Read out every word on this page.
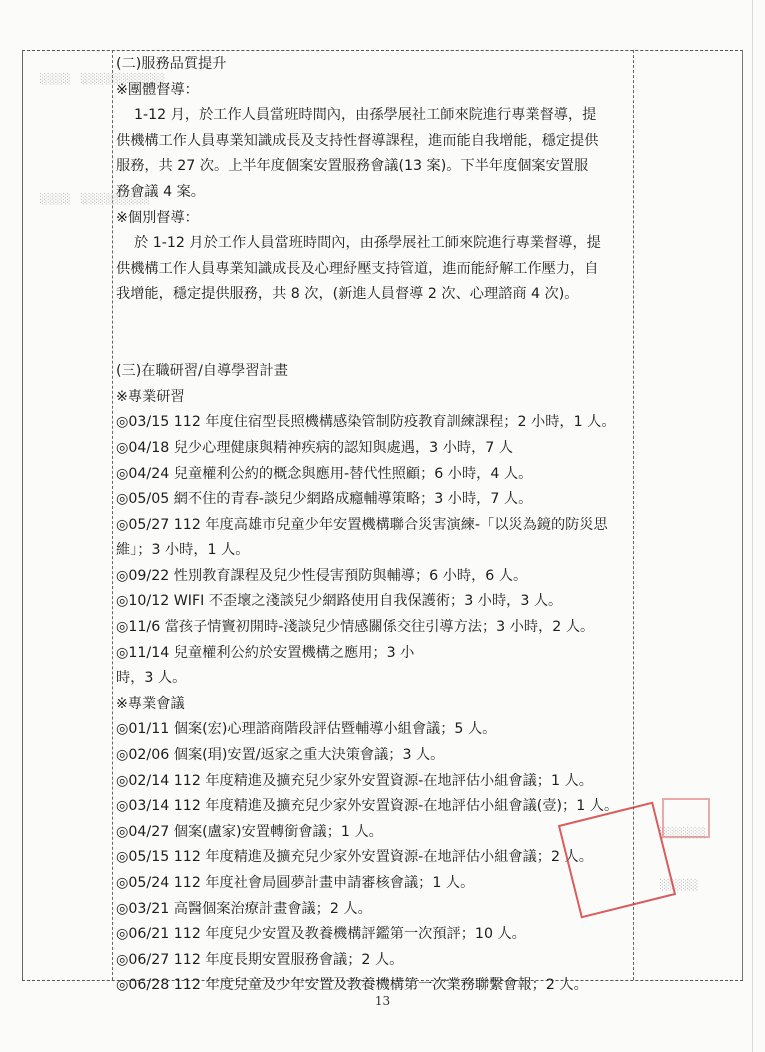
░░░░　░░░░░░░░░░░
░░░░　░░░░░░░░░
░░░░░░
░░░░░
(二)服務品質提升
※團體督導：
1-12 月，於工作人員當班時間內，由孫學展社工師來院進行專業督導，提
供機構工作人員專業知識成長及支持性督導課程，進而能自我增能，穩定提供
服務，共 27 次。上半年度個案安置服務會議(13 案)。下半年度個案安置服
務會議 4 案。
※個別督導：
於 1-12 月於工作人員當班時間內，由孫學展社工師來院進行專業督導，提
供機構工作人員專業知識成長及心理紓壓支持管道，進而能紓解工作壓力，自
我增能，穩定提供服務，共 8 次，(新進人員督導 2 次、心理諮商 4 次)。
(三)在職研習/自導學習計畫
※專業研習
◎03/15 112 年度住宿型長照機構感染管制防疫教育訓練課程；2 小時，1 人。
◎04/18 兒少心理健康與精神疾病的認知與處遇，3 小時，7 人
◎04/24 兒童權利公約的概念與應用-替代性照顧；6 小時，4 人。
◎05/05 網不住的青春-談兒少網路成癮輔導策略；3 小時，7 人。
◎05/27 112 年度高雄市兒童少年安置機構聯合災害演練-「以災為鏡的防災思
維」；3 小時，1 人。
◎09/22 性別教育課程及兒少性侵害預防與輔導；6 小時，6 人。
◎10/12 WIFI 不歪壞之淺談兒少網路使用自我保護術；3 小時，3 人。
◎11/6 當孩子情竇初開時-淺談兒少情感關係交往引導方法；3 小時，2 人。
◎11/14 兒童權利公約於安置機構之應用；3 小
時，3 人。
※專業會議
◎01/11 個案(宏)心理諮商階段評估暨輔導小組會議；5 人。
◎02/06 個案(琄)安置/返家之重大決策會議；3 人。
◎02/14 112 年度精進及擴充兒少家外安置資源-在地評估小組會議；1 人。
◎03/14 112 年度精進及擴充兒少家外安置資源-在地評估小組會議(壹)；1 人。
◎04/27 個案(盧家)安置轉銜會議；1 人。
◎05/15 112 年度精進及擴充兒少家外安置資源-在地評估小組會議；2 人。
◎05/24 112 年度社會局圓夢計畫申請審核會議；1 人。
◎03/21 高醫個案治療計畫會議；2 人。
◎06/21 112 年度兒少安置及教養機構評鑑第一次預評；10 人。
◎06/27 112 年度長期安置服務會議；2 人。
◎06/28 112 年度兒童及少年安置及教養機構第一次業務聯繫會報；2 人。
13
